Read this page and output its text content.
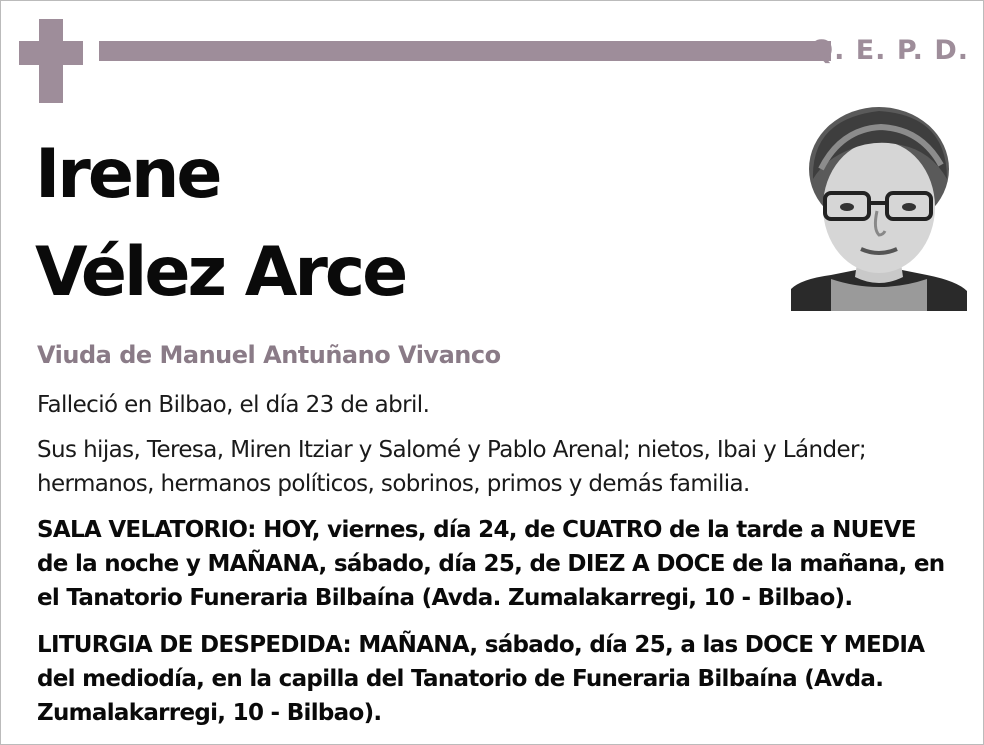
Q. E. P. D.
Irene
Vélez Arce
Viuda de Manuel Antuñano Vivanco
Falleció en Bilbao, el día 23 de abril.
Sus hijas, Teresa, Miren Itziar y Salomé y Pablo Arenal; nietos, Ibai y Lánder;
hermanos, hermanos políticos, sobrinos, primos y demás familia.
SALA VELATORIO: HOY, viernes, día 24, de CUATRO de la tarde a NUEVE
de la noche y MAÑANA, sábado, día 25, de DIEZ A DOCE de la mañana, en
el Tanatorio Funeraria Bilbaína (Avda. Zumalakarregi, 10 - Bilbao).
LITURGIA DE DESPEDIDA: MAÑANA, sábado, día 25, a las DOCE Y MEDIA
del mediodía, en la capilla del Tanatorio de Funeraria Bilbaína (Avda.
Zumalakarregi, 10 - Bilbao).
